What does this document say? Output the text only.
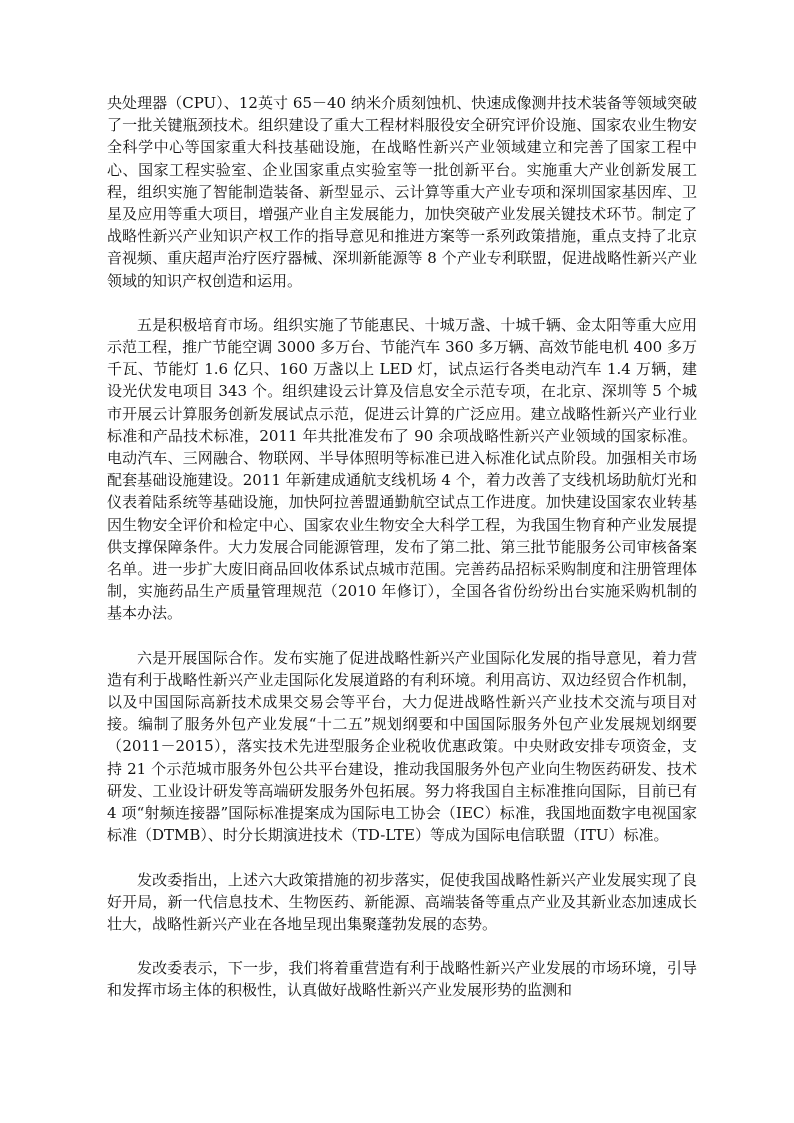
央处理器（CPU）、12英寸 65－40 纳米介质刻蚀机、快速成像测井技术装备等领域突破了一批关键瓶颈技术。组织建设了重大工程材料服役安全研究评价设施、国家农业生物安全科学中心等国家重大科技基础设施，在战略性新兴产业领域建立和完善了国家工程中心、国家工程实验室、企业国家重点实验室等一批创新平台。实施重大产业创新发展工程，组织实施了智能制造装备、新型显示、云计算等重大产业专项和深圳国家基因库、卫星及应用等重大项目，增强产业自主发展能力，加快突破产业发展关键技术环节。制定了战略性新兴产业知识产权工作的指导意见和推进方案等一系列政策措施，重点支持了北京音视频、重庆超声治疗医疗器械、深圳新能源等 8 个产业专利联盟，促进战略性新兴产业领域的知识产权创造和运用。

五是积极培育市场。组织实施了节能惠民、十城万盏、十城千辆、金太阳等重大应用示范工程，推广节能空调 3000 多万台、节能汽车 360 多万辆、高效节能电机 400 多万千瓦、节能灯 1.6 亿只、160 万盏以上 LED 灯，试点运行各类电动汽车 1.4 万辆，建设光伏发电项目 343 个。组织建设云计算及信息安全示范专项，在北京、深圳等 5 个城市开展云计算服务创新发展试点示范，促进云计算的广泛应用。建立战略性新兴产业行业标准和产品技术标准，2011 年共批准发布了 90 余项战略性新兴产业领域的国家标准。电动汽车、三网融合、物联网、半导体照明等标准已进入标准化试点阶段。加强相关市场配套基础设施建设。2011 年新建成通航支线机场 4 个，着力改善了支线机场助航灯光和仪表着陆系统等基础设施，加快阿拉善盟通勤航空试点工作进度。加快建设国家农业转基因生物安全评价和检定中心、国家农业生物安全大科学工程，为我国生物育种产业发展提供支撑保障条件。大力发展合同能源管理，发布了第二批、第三批节能服务公司审核备案名单。进一步扩大废旧商品回收体系试点城市范围。完善药品招标采购制度和注册管理体制，实施药品生产质量管理规范（2010 年修订），全国各省份纷纷出台实施采购机制的基本办法。

六是开展国际合作。发布实施了促进战略性新兴产业国际化发展的指导意见，着力营造有利于战略性新兴产业走国际化发展道路的有利环境。利用高访、双边经贸合作机制，以及中国国际高新技术成果交易会等平台，大力促进战略性新兴产业技术交流与项目对接。编制了服务外包产业发展“十二五”规划纲要和中国国际服务外包产业发展规划纲要（2011－2015），落实技术先进型服务企业税收优惠政策。中央财政安排专项资金，支持 21 个示范城市服务外包公共平台建设，推动我国服务外包产业向生物医药研发、技术研发、工业设计研发等高端研发服务外包拓展。努力将我国自主标准推向国际，目前已有 4 项“射频连接器”国际标准提案成为国际电工协会（IEC）标准，我国地面数字电视国家标准（DTMB）、时分长期演进技术（TD-LTE）等成为国际电信联盟（ITU）标准。

发改委指出，上述六大政策措施的初步落实，促使我国战略性新兴产业发展实现了良好开局，新一代信息技术、生物医药、新能源、高端装备等重点产业及其新业态加速成长壮大，战略性新兴产业在各地呈现出集聚蓬勃发展的态势。

发改委表示，下一步，我们将着重营造有利于战略性新兴产业发展的市场环境，引导和发挥市场主体的积极性，认真做好战略性新兴产业发展形势的监测和
